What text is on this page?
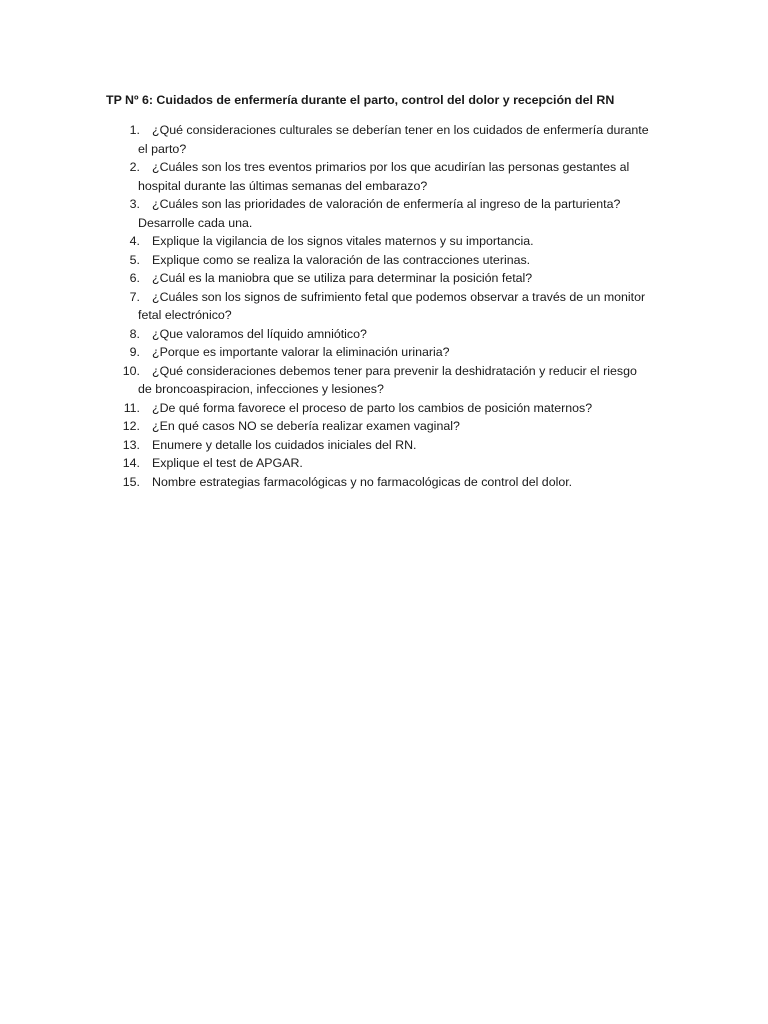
TP Nº 6: Cuidados de enfermería durante el parto, control del dolor y recepción del RN
1. ¿Qué consideraciones culturales se deberían tener en los cuidados de enfermería durante
el parto?
2. ¿Cuáles son los tres eventos primarios por los que acudirían las personas gestantes al
hospital durante las últimas semanas del embarazo?
3. ¿Cuáles son las prioridades de valoración de enfermería al ingreso de la parturienta?
Desarrolle cada una.
4. Explique la vigilancia de los signos vitales maternos y su importancia.
5. Explique como se realiza la valoración de las contracciones uterinas.
6. ¿Cuál es la maniobra que se utiliza para determinar la posición fetal?
7. ¿Cuáles son los signos de sufrimiento fetal que podemos observar a través de un monitor
fetal electrónico?
8. ¿Que valoramos del líquido amniótico?
9. ¿Porque es importante valorar la eliminación urinaria?
10. ¿Qué consideraciones debemos tener para prevenir la deshidratación y reducir el riesgo
de broncoaspiracion, infecciones y lesiones?
11. ¿De qué forma favorece el proceso de parto los cambios de posición maternos?
12. ¿En qué casos NO se debería realizar examen vaginal?
13. Enumere y detalle los cuidados iniciales del RN.
14. Explique el test de APGAR.
15. Nombre estrategias farmacológicas y no farmacológicas de control del dolor.
